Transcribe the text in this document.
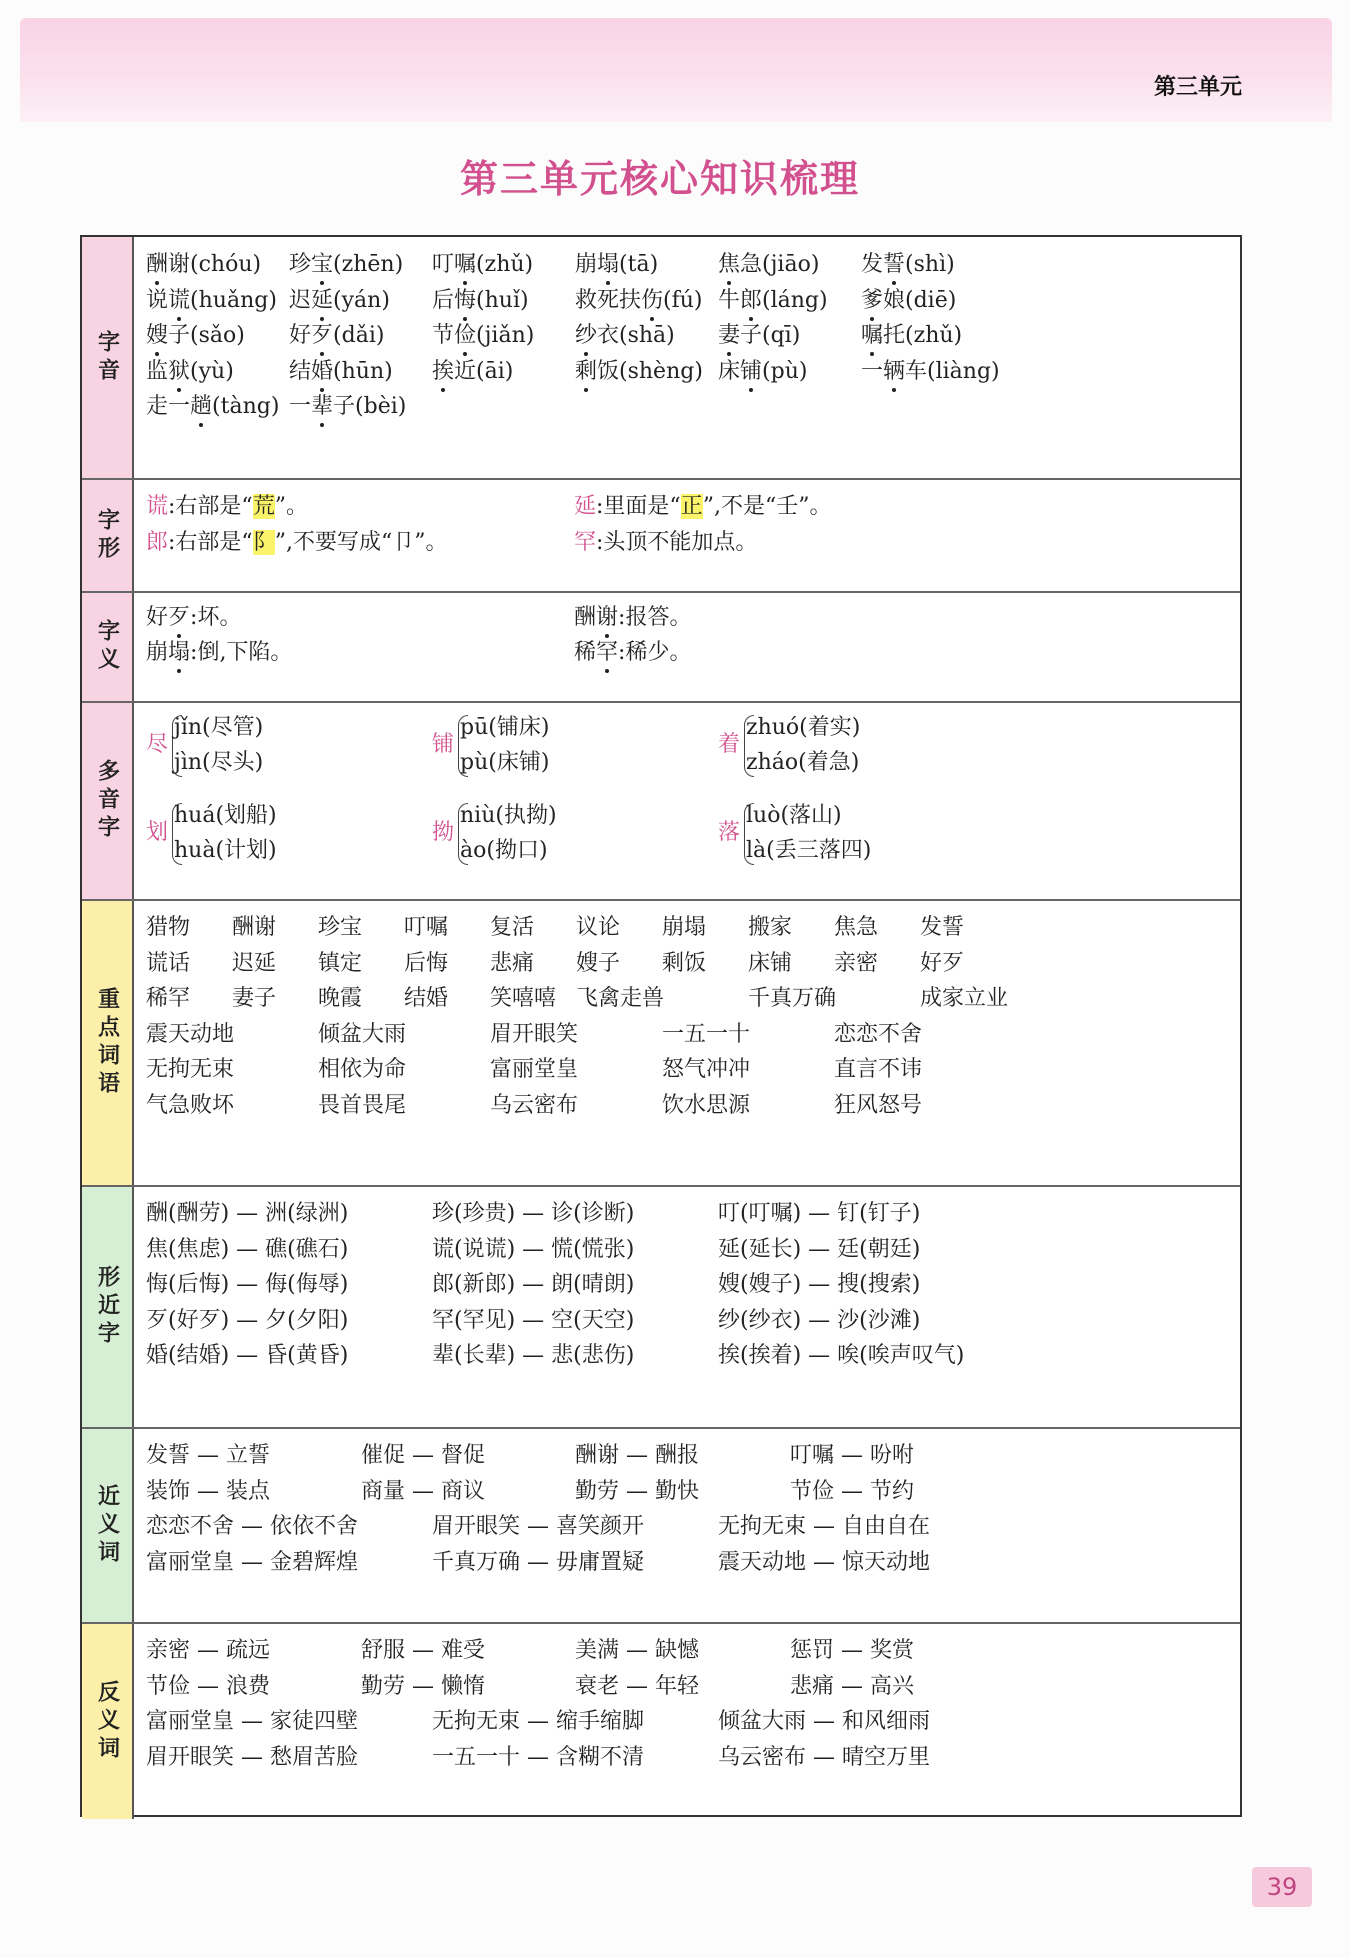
第三单元
第三单元核心知识梳理
字音
酬谢(chóu) 珍宝(zhēn) 叮嘱(zhǔ) 崩塌(tā)	焦急(jiāo) 发誓(shì)
说谎(huǎng) 迟延(yán) 后悔(huǐ) 救死扶伤(fú) 牛郎(láng) 爹娘(diē)
嫂子(sǎo) 好歹(dǎi) 节俭(jiǎn) 纱衣(shā) 妻子(qī)	嘱托(zhǔ)
监狱(yù)	结婚(hūn) 挨近(āi)	剩饭(shèng) 床铺(pù) 一辆车(liàng)
走一趟(tàng) 一辈子(bèi)
字形
谎:右部是“荒”。	延:里面是“正”,不是“壬”。
郎:右部是“阝”,不要写成“卩”。	罕:头顶不能加点。
字义
好歹:坏。	酬谢:报答。
崩塌:倒,下陷。	稀罕:稀少。
多音字
尽
jǐn(尽管)
jìn(尽头)
铺
pū(铺床)
pù(床铺)
着
zhuó(着实)
zháo(着急)
划
huá(划船)
huà(计划)
拗
niù(执拗)
ào(拗口)
落
luò(落山)
là(丢三落四)
重点词语
猎物 酬谢 珍宝 叮嘱 复活 议论 崩塌 搬家 焦急 发誓
谎话 迟延 镇定 后悔 悲痛 嫂子 剩饭 床铺 亲密 好歹
稀罕 妻子 晚霞 结婚 笑嘻嘻 飞禽走兽	千真万确	成家立业
震天动地	倾盆大雨	眉开眼笑	一五一十	恋恋不舍
无拘无束	相依为命	富丽堂皇	怒气冲冲	直言不讳
气急败坏	畏首畏尾	乌云密布	饮水思源	狂风怒号
形近字
酬(酬劳) — 洲(绿洲)	珍(珍贵) — 诊(诊断)	叮(叮嘱) — 钉(钉子)
焦(焦虑) — 礁(礁石)	谎(说谎) — 慌(慌张)	延(延长) — 廷(朝廷)
悔(后悔) — 侮(侮辱)	郎(新郎) — 朗(晴朗)	嫂(嫂子) — 搜(搜索)
歹(好歹) — 夕(夕阳)	罕(罕见) — 空(天空)	纱(纱衣) — 沙(沙滩)
婚(结婚) — 昏(黄昏)	辈(长辈) — 悲(悲伤)	挨(挨着) — 唉(唉声叹气)
近义词
发誓 — 立誓	催促 — 督促	酬谢 — 酬报	叮嘱 — 吩咐
装饰 — 装点	商量 — 商议	勤劳 — 勤快	节俭 — 节约
恋恋不舍 — 依依不舍	眉开眼笑 — 喜笑颜开	无拘无束 — 自由自在
富丽堂皇 — 金碧辉煌	千真万确 — 毋庸置疑	震天动地 — 惊天动地
反义词
亲密 — 疏远	舒服 — 难受	美满 — 缺憾	惩罚 — 奖赏
节俭 — 浪费	勤劳 — 懒惰	衰老 — 年轻	悲痛 — 高兴
富丽堂皇 — 家徒四壁	无拘无束 — 缩手缩脚	倾盆大雨 — 和风细雨
眉开眼笑 — 愁眉苦脸	一五一十 — 含糊不清	乌云密布 — 晴空万里
39
